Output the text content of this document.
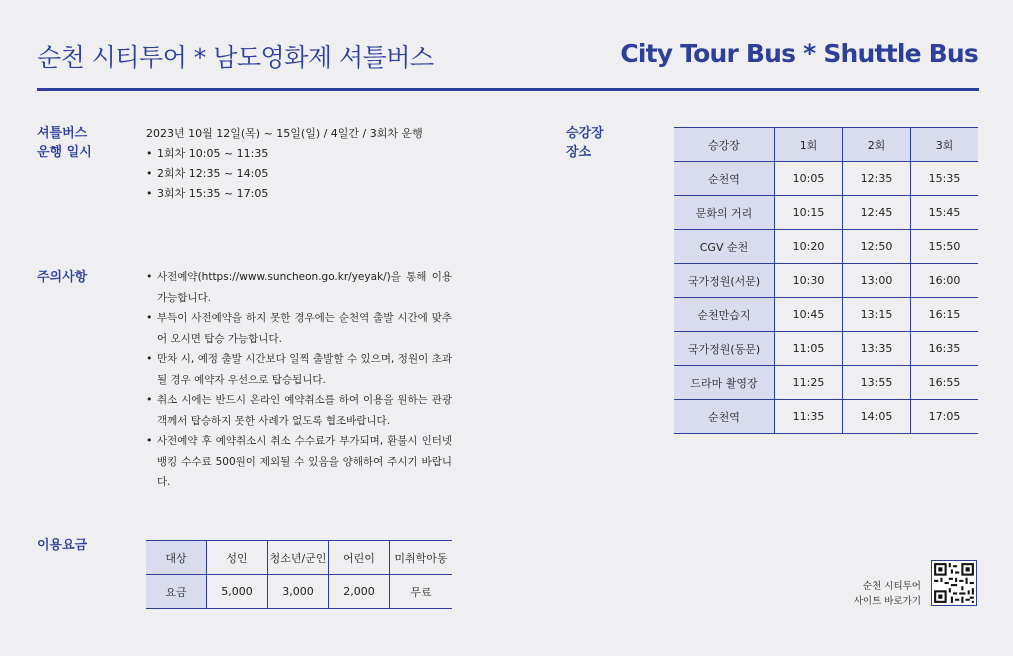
순천 시티투어 * 남도영화제 셔틀버스	City Tour Bus * Shuttle Bus
셔틀버스
운행 일시
2023년 10월 12일(목) ~ 15일(일) / 4일간 / 3회차 운행
• 1회차 10:05 ~ 11:35
• 2회차 12:35 ~ 14:05
• 3회차 15:35 ~ 17:05
주의사항	• 사전예약(https://www.suncheon.go.kr/yeyak/)을 통해 이용 가능합니다.
• 부득이 사전예약을 하지 못한 경우에는 순천역 출발 시간에 맞추어 오시면 탑승 가능합니다.
• 만차 시, 예정 출발 시간보다 일찍 출발할 수 있으며, 정원이 초과될 경우 예약자 우선으로 탑승됩니다.
• 취소 시에는 반드시 온라인 예약취소를 하여 이용을 원하는 관광객께서 탑승하지 못한 사례가 없도록 협조바랍니다.
• 사전예약 후 예약취소시 취소 수수료가 부가되며, 환불시 인터넷 뱅킹 수수료 500원이 제외될 수 있음을 양해하여 주시기 바랍니다.
이용요금
대상	성인	청소년/군인	어린이	미취학아동
요금	5,000	3,000	2,000	무료
승강장
장소	승강장	1회	2회	3회
순천역	10:05	12:35	15:35
문화의 거리	10:15	12:45	15:45
CGV 순천	10:20	12:50	15:50
국가정원(서문)	10:30	13:00	16:00
순천만습지	10:45	13:15	16:15
국가정원(동문)	11:05	13:35	16:35
드라마 촬영장	11:25	13:55	16:55
순천역	11:35	14:05	17:05
순천 시티투어
사이트 바로가기
